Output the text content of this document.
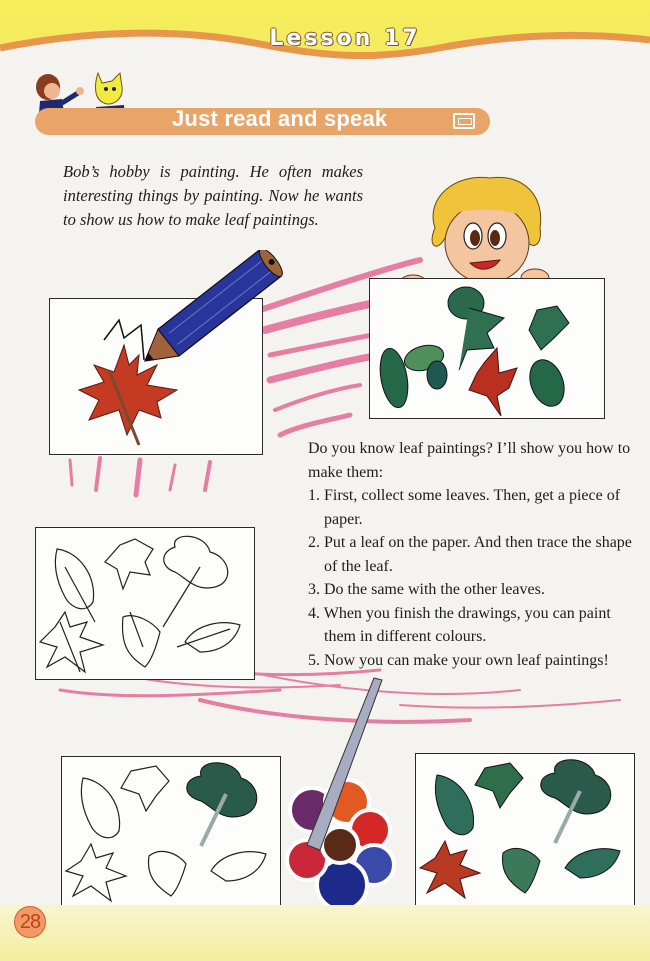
Lesson 17
Just read and speak

Bob’s hobby is painting. He often makes interesting things by painting. Now he wants to show us how to make leaf paintings.

Do you know leaf paintings? I’ll show you how to make them:

1. First, collect some leaves. Then, get a piece of paper.

2. Put a leaf on the paper. And then trace the shape of the leaf.

3. Do the same with the other leaves.

4. When you finish the drawings, you can paint them in different colours.

5. Now you can make your own leaf paintings!

28
